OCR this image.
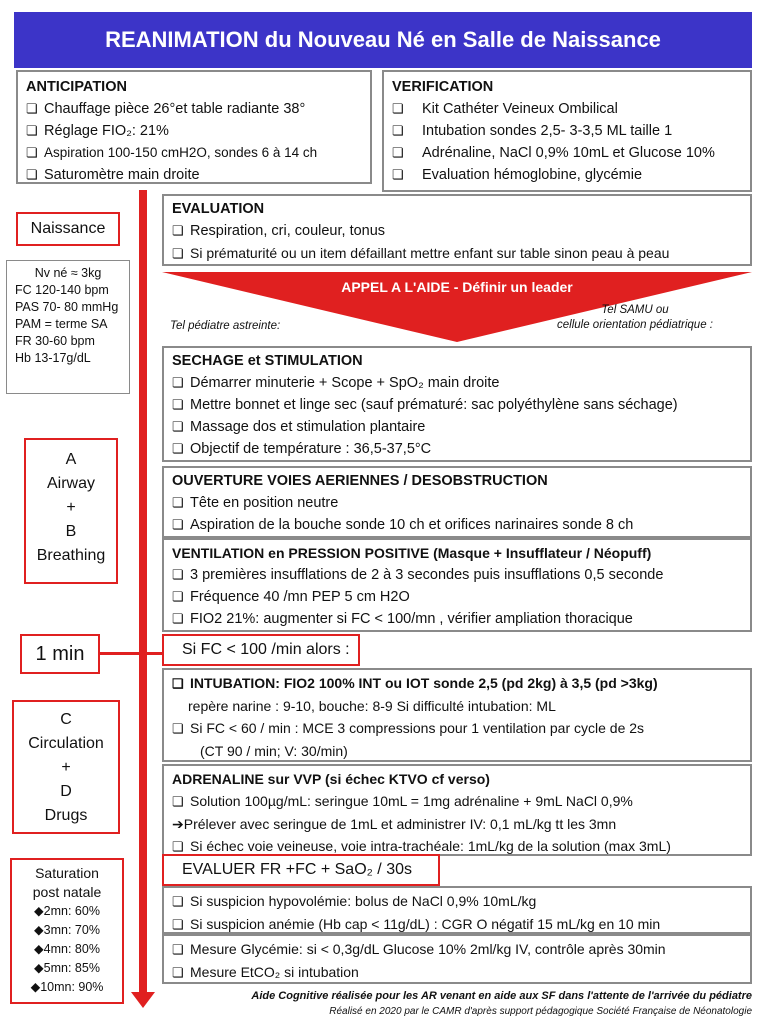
REANIMATION du Nouveau Né en Salle de Naissance
ANTICIPATION
❏ Chauffage pièce 26°et table radiante 38°
❏ Réglage FIO₂: 21%
❏ Aspiration 100-150 cmH2O, sondes 6 à 14 ch
❏ Saturomètre main droite
VERIFICATION
❏ Kit Cathéter Veineux Ombilical
❏ Intubation sondes 2,5- 3-3,5 ML taille 1
❏ Adrénaline, NaCl 0,9% 10mL et Glucose 10%
❏ Evaluation hémoglobine, glycémie
Naissance
Nv né ≈ 3kg
FC 120-140 bpm
PAS 70- 80 mmHg
PAM = terme SA
FR 30-60 bpm
Hb 13-17g/dL
A
Airway
+
B
Breathing
1 min
C
Circulation
+
D
Drugs
Saturation
post natale
◆2mn: 60%
◆3mn: 70%
◆4mn: 80%
◆5mn: 85%
◆10mn: 90%
EVALUATION
❏ Respiration, cri, couleur, tonus
❏ Si prématurité ou un item défaillant mettre enfant sur table sinon peau à peau
APPEL A L'AIDE - Définir un leader
Tel pédiatre astreinte:
Tel SAMU ou
cellule orientation pédiatrique :
SECHAGE et STIMULATION
❏ Démarrer minuterie + Scope + SpO₂ main droite
❏ Mettre bonnet et linge sec (sauf prématuré: sac polyéthylène sans séchage)
❏ Massage dos et stimulation plantaire
❏ Objectif de température : 36,5-37,5°C
OUVERTURE VOIES AERIENNES / DESOBSTRUCTION
❏ Tête en position neutre
❏ Aspiration de la bouche sonde 10 ch et orifices narinaires sonde 8 ch
VENTILATION en PRESSION POSITIVE (Masque + Insufflateur / Néopuff)
❏ 3 premières insufflations de 2 à 3 secondes puis insufflations 0,5 seconde
❏ Fréquence 40 /mn PEP 5 cm H2O
❏ FIO2 21%: augmenter si FC < 100/mn , vérifier ampliation thoracique
Si FC < 100 /min alors :
❏ INTUBATION: FIO2 100% INT ou IOT sonde 2,5 (pd 2kg) à 3,5 (pd >3kg)
repère narine : 9-10, bouche: 8-9 Si difficulté intubation: ML
❏ Si FC < 60 / min : MCE 3 compressions pour 1 ventilation par cycle de 2s
(CT 90 / min; V: 30/min)
ADRENALINE sur VVP (si échec KTVO cf verso)
❏ Solution 100µg/mL: seringue 10mL = 1mg adrénaline + 9mL NaCl 0,9%
➔Prélever avec seringue de 1mL et administrer IV: 0,1 mL/kg tt les 3mn
❏ Si échec voie veineuse, voie intra-trachéale: 1mL/kg de la solution (max 3mL)
EVALUER FR +FC + SaO₂ / 30s
❏ Si suspicion hypovolémie: bolus de NaCl 0,9% 10mL/kg
❏ Si suspicion anémie (Hb cap < 11g/dL) : CGR O négatif 15 mL/kg en 10 min
❏ Mesure Glycémie: si < 0,3g/dL Glucose 10% 2ml/kg IV, contrôle après 30min
❏ Mesure EtCO₂ si intubation
Aide Cognitive réalisée pour les AR venant en aide aux SF dans l'attente de l'arrivée du pédiatre
Réalisé en 2020 par le CAMR d'après support pédagogique Société Française de Néonatologie
